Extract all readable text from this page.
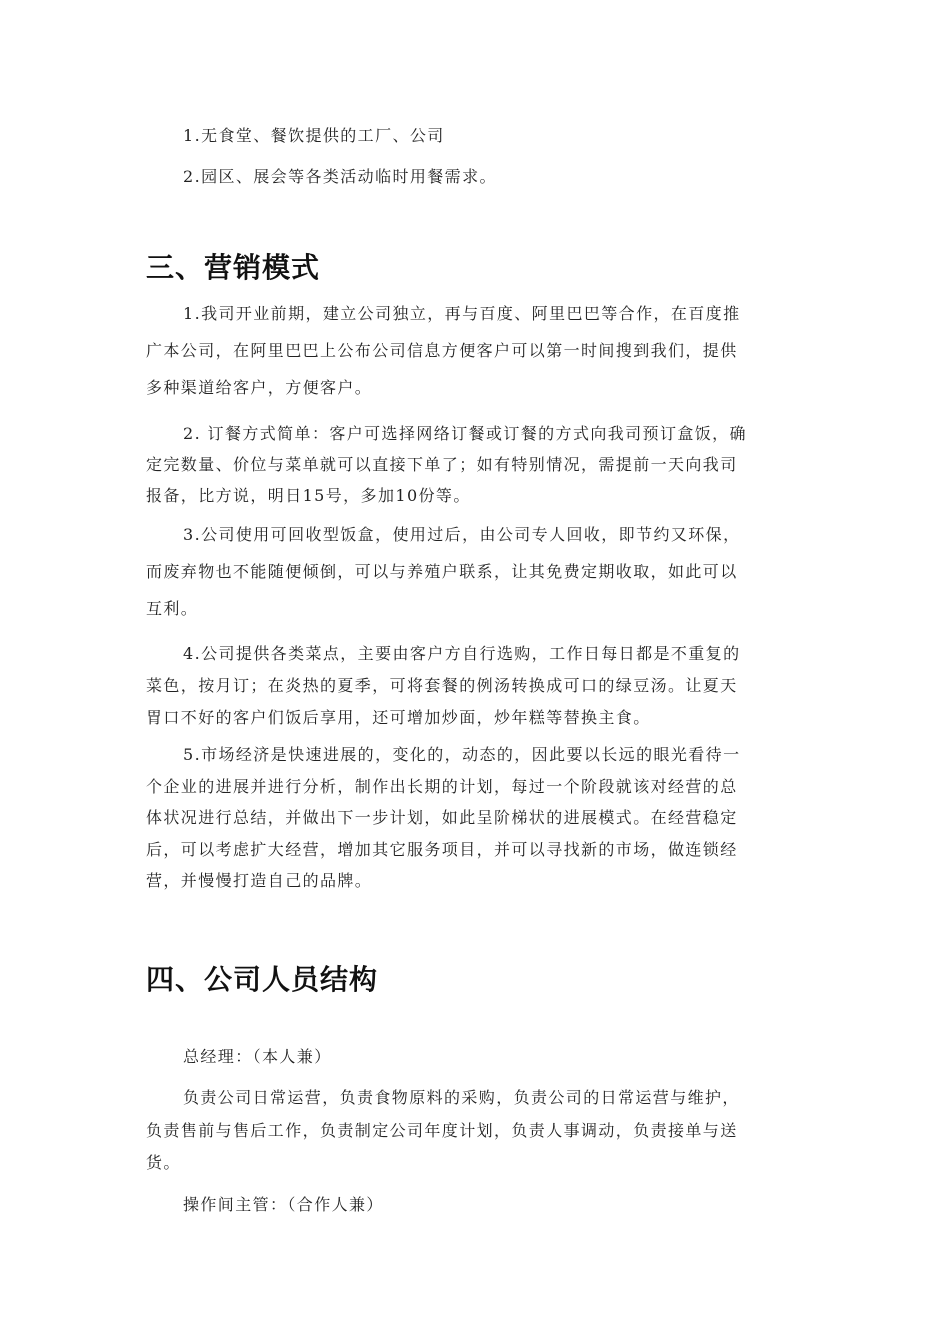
1.无食堂、餐饮提供的工厂、公司
2.园区、展会等各类活动临时用餐需求。
三、营销模式
1.我司开业前期，建立公司独立，再与百度、阿里巴巴等合作，在百度推
广本公司，在阿里巴巴上公布公司信息方便客户可以第一时间搜到我们，提供
多种渠道给客户，方便客户。
2. 订餐方式简单：客户可选择网络订餐或订餐的方式向我司预订盒饭，确
定完数量、价位与菜单就可以直接下单了；如有特别情况，需提前一天向我司
报备，比方说，明日15号，多加10份等。
3.公司使用可回收型饭盒，使用过后，由公司专人回收，即节约又环保，
而废弃物也不能随便倾倒，可以与养殖户联系，让其免费定期收取，如此可以
互利。
4.公司提供各类菜点，主要由客户方自行选购，工作日每日都是不重复的
菜色，按月订；在炎热的夏季，可将套餐的例汤转换成可口的绿豆汤。让夏天
胃口不好的客户们饭后享用，还可增加炒面，炒年糕等替换主食。
5.市场经济是快速进展的，变化的，动态的，因此要以长远的眼光看待一
个企业的进展并进行分析，制作出长期的计划，每过一个阶段就该对经营的总
体状况进行总结，并做出下一步计划，如此呈阶梯状的进展模式。在经营稳定
后，可以考虑扩大经营，增加其它服务项目，并可以寻找新的市场，做连锁经
营，并慢慢打造自己的品牌。
四、公司人员结构
总经理：（本人兼）
负责公司日常运营，负责食物原料的采购，负责公司的日常运营与维护，
负责售前与售后工作，负责制定公司年度计划，负责人事调动，负责接单与送
货。
操作间主管：（合作人兼）
